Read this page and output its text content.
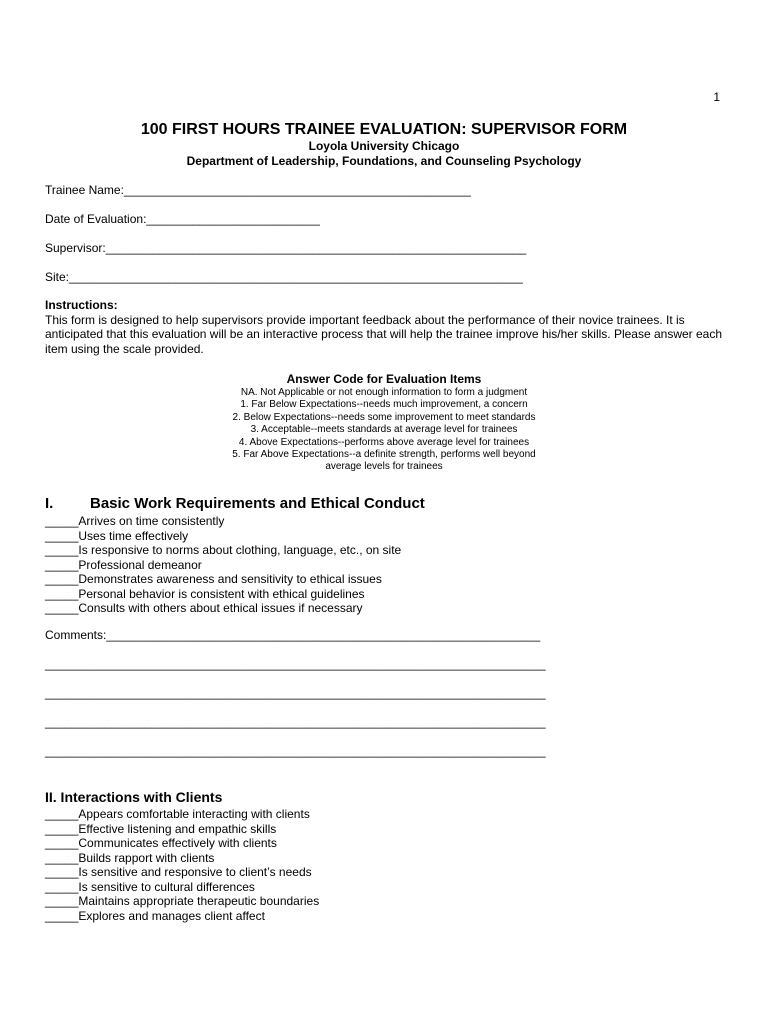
1
100 FIRST HOURS TRAINEE EVALUATION: SUPERVISOR FORM
Loyola University Chicago
Department of Leadership, Foundations, and Counseling Psychology
Trainee Name:____________________________________________________
Date of Evaluation:__________________________
Supervisor:_______________________________________________________________
Site:____________________________________________________________________
Instructions:
This form is designed to help supervisors provide important feedback about the performance of their novice trainees. It is anticipated that this evaluation will be an interactive process that will help the trainee improve his/her skills. Please answer each item using the scale provided.
Answer Code for Evaluation Items
NA. Not Applicable or not enough information to form a judgment
1. Far Below Expectations--needs much improvement, a concern
2. Below Expectations--needs some improvement to meet standards
3. Acceptable--meets standards at average level for trainees
4. Above Expectations--performs above average level for trainees
5. Far Above Expectations--a definite strength, performs well beyond
average levels for trainees
I. Basic Work Requirements and Ethical Conduct
_____Arrives on time consistently
_____Uses time effectively
_____Is responsive to norms about clothing, language, etc., on site
_____Professional demeanor
_____Demonstrates awareness and sensitivity to ethical issues
_____Personal behavior is consistent with ethical guidelines
_____Consults with others about ethical issues if necessary
Comments:_________________________________________________________________
___________________________________________________________________________
___________________________________________________________________________
___________________________________________________________________________
___________________________________________________________________________
II. Interactions with Clients
_____Appears comfortable interacting with clients
_____Effective listening and empathic skills
_____Communicates effectively with clients
_____Builds rapport with clients
_____Is sensitive and responsive to client’s needs
_____Is sensitive to cultural differences
_____Maintains appropriate therapeutic boundaries
_____Explores and manages client affect
